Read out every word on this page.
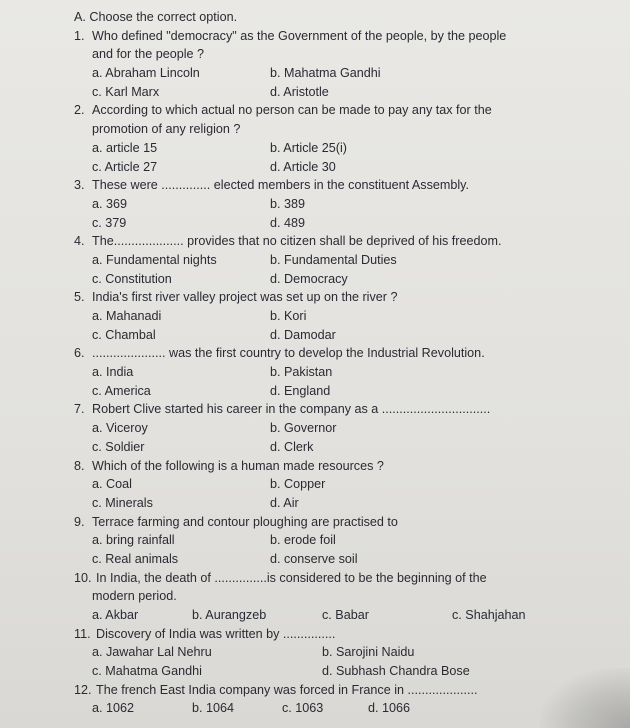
A. Choose the correct option.
1. Who defined "democracy" as the Government of the people, by the people
and for the people ?
a. Abraham Lincoln	b. Mahatma Gandhi
c. Karl Marx	d. Aristotle
2. According to which actual no person can be made to pay any tax for the
promotion of any religion ?
a. article 15	b. Article 25(i)
c. Article 27	d. Article 30
3. These were .............. elected members in the constituent Assembly.
a. 369	b. 389
c. 379	d. 489
4. The.................... provides that no citizen shall be deprived of his freedom.
a. Fundamental nights	b. Fundamental Duties
c. Constitution	d. Democracy
5. India's first river valley project was set up on the river ?
a. Mahanadi	b. Kori
c. Chambal	d. Damodar
6. ..................... was the first country to develop the Industrial Revolution.
a. India	b. Pakistan
c. America	d. England
7. Robert Clive started his career in the company as a ...............................
a. Viceroy	b. Governor
c. Soldier	d. Clerk
8. Which of the following is a human made resources ?
a. Coal	b. Copper
c. Minerals	d. Air
9. Terrace farming and contour ploughing are practised to
a. bring rainfall	b. erode foil
c. Real animals	d. conserve soil
10. In India, the death of ...............is considered to be the beginning of the
modern period.
a. Akbar	b. Aurangzeb	c. Babar	c. Shahjahan
11. Discovery of India was written by ...............
a. Jawahar Lal Nehru	b. Sarojini Naidu
c. Mahatma Gandhi	d. Subhash Chandra Bose
12. The french East India company was forced in France in ....................
a. 1062	b. 1064	c. 1063	d. 1066
